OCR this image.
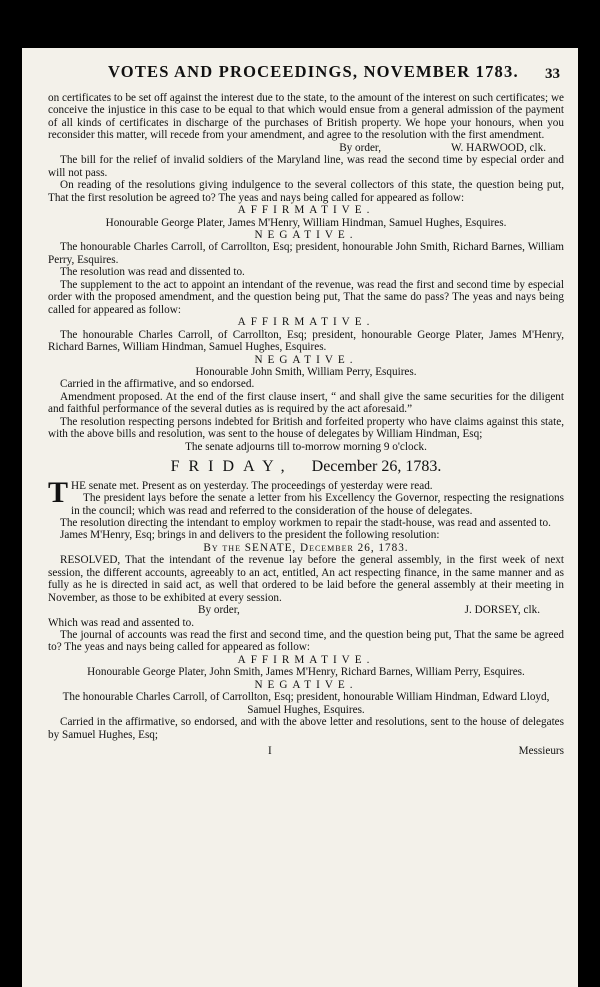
VOTES AND PROCEEDINGS, NOVEMBER 1783. 33

on certificates to be set off against the interest due to the state, to the amount of the interest on such certificates; we conceive the injustice in this case to be equal to that which would ensue from a general admission of the payment of all kinds of certificates in discharge of the purchases of British property. We hope your honours, when you reconsider this matter, will recede from your amendment, and agree to the resolution with the first amendment.

By order,	W. HARWOOD, clk.

The bill for the relief of invalid soldiers of the Maryland line, was read the second time by especial order and will not pass.

On reading of the resolutions giving indulgence to the several collectors of this state, the question being put, That the first resolution be agreed to? The yeas and nays being called for appeared as follow:

AFFIRMATIVE.

Honourable George Plater, James M'Henry, William Hindman, Samuel Hughes, Esquires.

NEGATIVE.

The honourable Charles Carroll, of Carrollton, Esq; president, honourable John Smith, Richard Barnes, William Perry, Esquires.

The resolution was read and dissented to.

The supplement to the act to appoint an intendant of the revenue, was read the first and second time by especial order with the proposed amendment, and the question being put, That the same do pass? The yeas and nays being called for appeared as follow:

AFFIRMATIVE.

The honourable Charles Carroll, of Carrollton, Esq; president, honourable George Plater, James M'Henry, Richard Barnes, William Hindman, Samuel Hughes, Esquires.

NEGATIVE.

Honourable John Smith, William Perry, Esquires.

Carried in the affirmative, and so endorsed.

Amendment proposed. At the end of the first clause insert, “ and shall give the same securities for the diligent and faithful performance of the several duties as is required by the act aforesaid.”

The resolution respecting persons indebted for British and forfeited property who have claims against this state, with the above bills and resolution, was sent to the house of delegates by William Hindman, Esq;

The senate adjourns till to-morrow morning 9 o'clock.

FRIDAY, December 26, 1783.
T HE senate met. Present as on yesterday. The proceedings of yesterday were read.

The president lays before the senate a letter from his Excellency the Governor, respecting the resignations in the council; which was read and referred to the consideration of the house of delegates.

The resolution directing the intendant to employ workmen to repair the stadt-house, was read and assented to.

James M'Henry, Esq; brings in and delivers to the president the following resolution:

By the SENATE, December 26, 1783.

RESOLVED, That the intendant of the revenue lay before the general assembly, in the first week of next session, the different accounts, agreeably to an act, entitled, An act respecting finance, in the same manner and as fully as he is directed in said act, as well that ordered to be laid before the general assembly at their meeting in November, as those to be exhibited at every session.

By order,	J. DORSEY, clk.

Which was read and assented to.

The journal of accounts was read the first and second time, and the question being put, That the same be agreed to? The yeas and nays being called for appeared as follow:

AFFIRMATIVE.

Honourable George Plater, John Smith, James M'Henry, Richard Barnes, William Perry, Esquires.

NEGATIVE.

The honourable Charles Carroll, of Carrollton, Esq; president, honourable William Hindman, Edward Lloyd, Samuel Hughes, Esquires.

Carried in the affirmative, so endorsed, and with the above letter and resolutions, sent to the house of delegates by Samuel Hughes, Esq;

I	Messieurs
